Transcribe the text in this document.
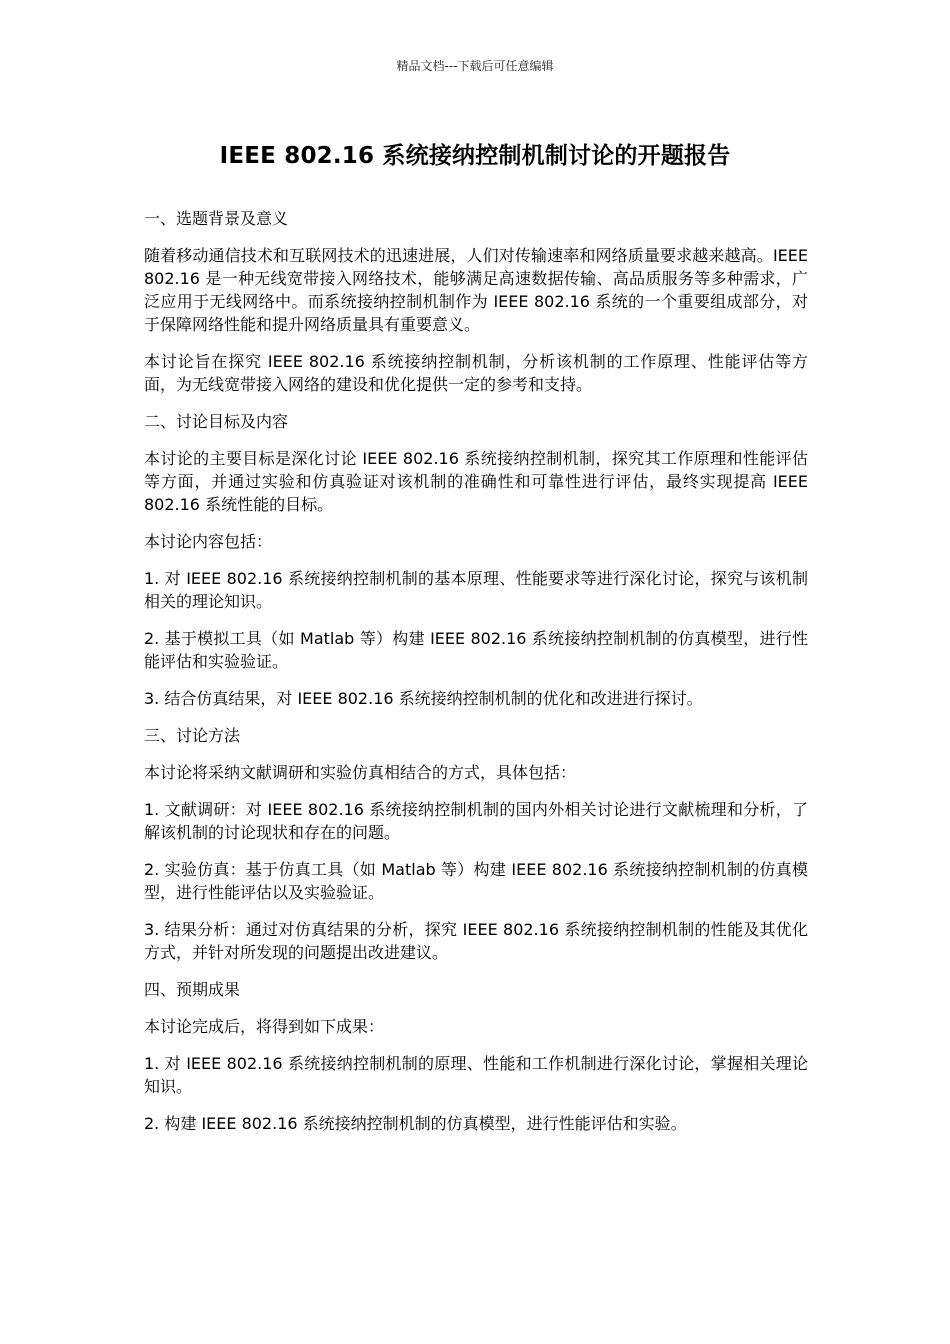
精品文档---下载后可任意编辑
IEEE 802.16 系统接纳控制机制讨论的开题报告
一、选题背景及意义

随着移动通信技术和互联网技术的迅速进展，人们对传输速率和网络质量要求越来越高。IEEE 802.16 是一种无线宽带接入网络技术，能够满足高速数据传输、高品质服务等多种需求，广泛应用于无线网络中。而系统接纳控制机制作为 IEEE 802.16 系统的一个重要组成部分，对于保障网络性能和提升网络质量具有重要意义。

本讨论旨在探究 IEEE 802.16 系统接纳控制机制，分析该机制的工作原理、性能评估等方面，为无线宽带接入网络的建设和优化提供一定的参考和支持。

二、讨论目标及内容

本讨论的主要目标是深化讨论 IEEE 802.16 系统接纳控制机制，探究其工作原理和性能评估等方面，并通过实验和仿真验证对该机制的准确性和可靠性进行评估，最终实现提高 IEEE 802.16 系统性能的目标。

本讨论内容包括：

1. 对 IEEE 802.16 系统接纳控制机制的基本原理、性能要求等进行深化讨论，探究与该机制相关的理论知识。

2. 基于模拟工具（如 Matlab 等）构建 IEEE 802.16 系统接纳控制机制的仿真模型，进行性能评估和实验验证。

3. 结合仿真结果，对 IEEE 802.16 系统接纳控制机制的优化和改进进行探讨。

三、讨论方法

本讨论将采纳文献调研和实验仿真相结合的方式，具体包括：

1. 文献调研：对 IEEE 802.16 系统接纳控制机制的国内外相关讨论进行文献梳理和分析，了解该机制的讨论现状和存在的问题。

2. 实验仿真：基于仿真工具（如 Matlab 等）构建 IEEE 802.16 系统接纳控制机制的仿真模型，进行性能评估以及实验验证。

3. 结果分析：通过对仿真结果的分析，探究 IEEE 802.16 系统接纳控制机制的性能及其优化方式，并针对所发现的问题提出改进建议。

四、预期成果

本讨论完成后，将得到如下成果：

1. 对 IEEE 802.16 系统接纳控制机制的原理、性能和工作机制进行深化讨论，掌握相关理论知识。

2. 构建 IEEE 802.16 系统接纳控制机制的仿真模型，进行性能评估和实验。
